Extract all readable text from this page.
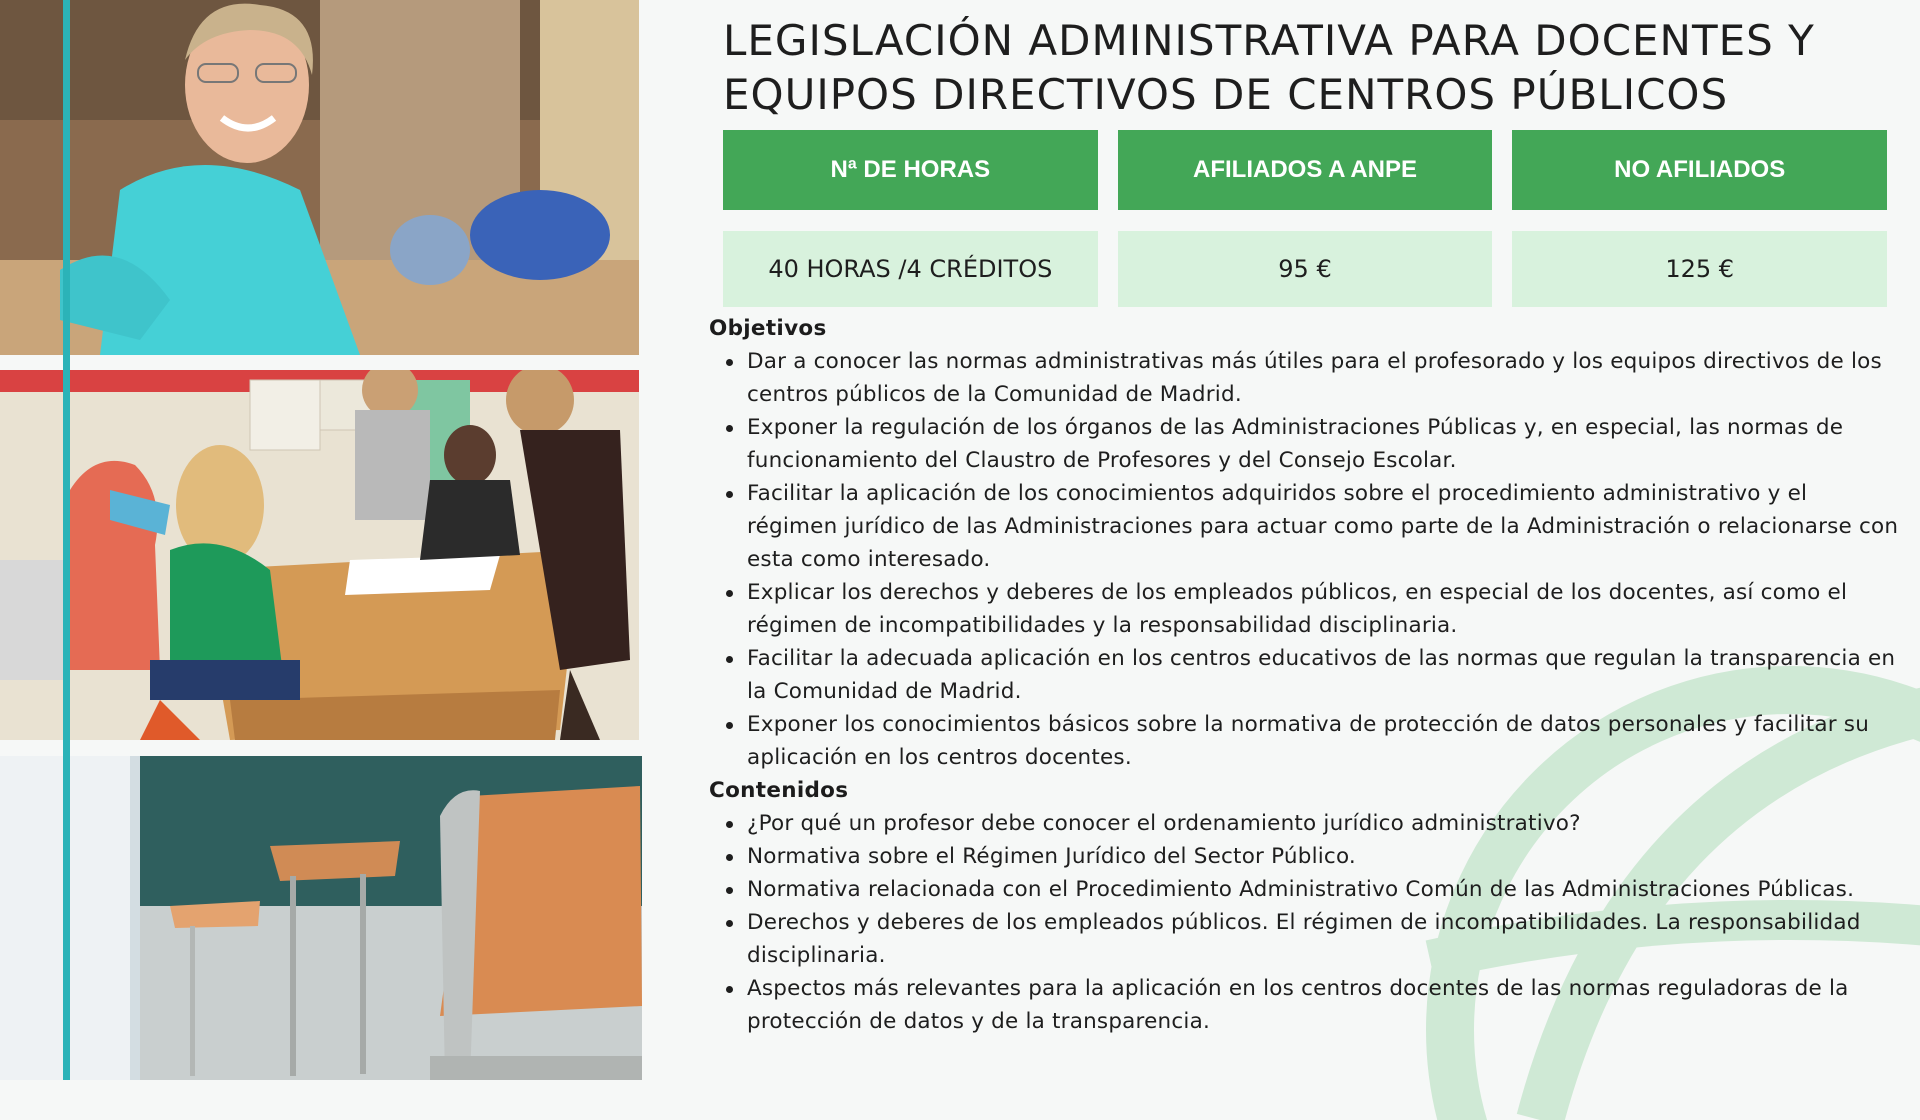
LEGISLACIÓN ADMINISTRATIVA PARA DOCENTES Y EQUIPOS DIRECTIVOS DE CENTROS PÚBLICOS
Nª DE HORAS	AFILIADOS A ANPE	NO AFILIADOS
40 HORAS /4 CRÉDITOS	95 €	125 €
Objetivos
Dar a conocer las normas administrativas más útiles para el profesorado y los equipos directivos de los centros públicos de la Comunidad de Madrid.
Exponer la regulación de los órganos de las Administraciones Públicas y, en especial, las normas de funcionamiento del Claustro de Profesores y del Consejo Escolar.
Facilitar la aplicación de los conocimientos adquiridos sobre el procedimiento administrativo y el régimen jurídico de las Administraciones para actuar como parte de la Administración o relacionarse con esta como interesado.
Explicar los derechos y deberes de los empleados públicos, en especial de los docentes, así como el régimen de incompatibilidades y la responsabilidad disciplinaria.
Facilitar la adecuada aplicación en los centros educativos de las normas que regulan la transparencia en la Comunidad de Madrid.
Exponer los conocimientos básicos sobre la normativa de protección de datos personales y facilitar su aplicación en los centros docentes.
Contenidos
¿Por qué un profesor debe conocer el ordenamiento jurídico administrativo?
Normativa sobre el Régimen Jurídico del Sector Público.
Normativa relacionada con el Procedimiento Administrativo Común de las Administraciones Públicas.
Derechos y deberes de los empleados públicos. El régimen de incompatibilidades. La responsabilidad disciplinaria.
Aspectos más relevantes para la aplicación en los centros docentes de las normas reguladoras de la protección de datos y de la transparencia.
